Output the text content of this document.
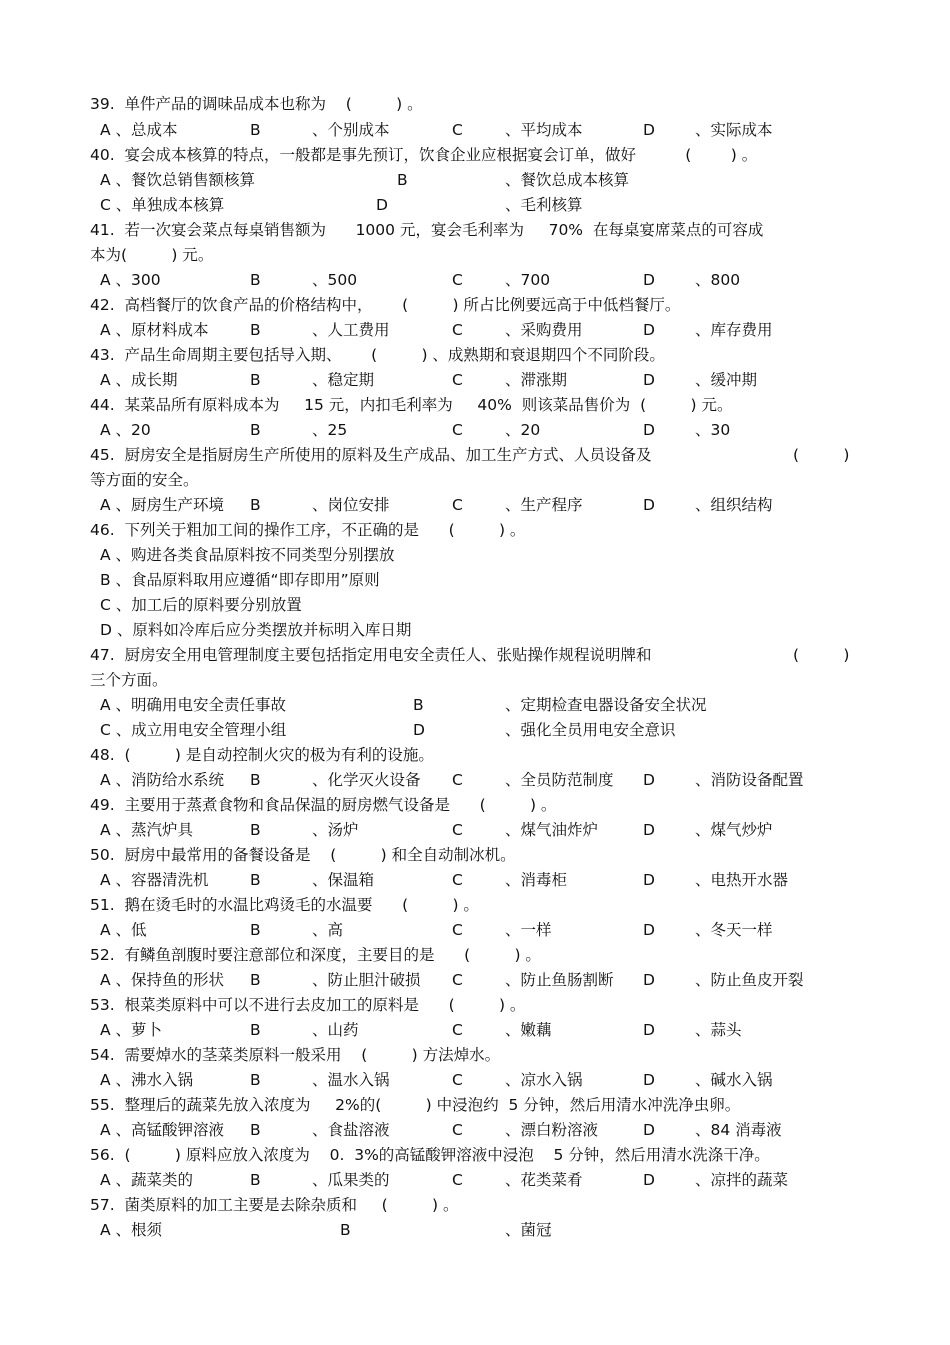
39.  单件产品的调味品成本也称为    (         ) 。
A 、总成本	B	、个别成本	C	、平均成本	D	、实际成本
40.  宴会成本核算的特点，一般都是事先预订，饮食企业应根据宴会订单，做好          (        ) 。
A 、餐饮总销售额核算	B	、餐饮总成本核算
C 、单独成本核算	D	、毛利核算
41.  若一次宴会菜点每桌销售额为      1000 元，宴会毛利率为     70%  在每桌宴席菜点的可容成
本为(         ) 元。
A 、300	B	、500	C	、700	D	、800
42.  高档餐厅的饮食产品的价格结构中，      (         ) 所占比例要远高于中低档餐厅。
A 、原材料成本	B	、人工费用	C	、采购费用	D	、库存费用
43.  产品生命周期主要包括导入期、      (         ) 、成熟期和衰退期四个不同阶段。
A 、成长期	B	、稳定期	C	、滞涨期	D	、缓冲期
44.  某菜品所有原料成本为     15 元，内扣毛利率为     40%  则该菜品售价为  (         ) 元。
A 、20	B	、25	C	、20	D	、30
45.  厨房安全是指厨房生产所使用的原料及生产成品、加工生产方式、人员设备及	(         )
等方面的安全。
A 、厨房生产环境 B	、岗位安排	C	、生产程序	D	、组织结构
46.  下列关于粗加工间的操作工序，不正确的是      (         ) 。
A 、购进各类食品原料按不同类型分别摆放
B 、食品原料取用应遵循“即存即用”原则
C 、加工后的原料要分别放置
D 、原料如冷库后应分类摆放并标明入库日期
47.  厨房安全用电管理制度主要包括指定用电安全责任人、张贴操作规程说明牌和	(         )
三个方面。
A 、明确用电安全责任事故	B	、定期检查电器设备安全状况
C 、成立用电安全管理小组	D	、强化全员用电安全意识
48.  (         ) 是自动控制火灾的极为有利的设施。
A 、消防给水系统 B	、化学灭火设备 C	、全员防范制度 D	、消防设备配置
49.  主要用于蒸煮食物和食品保温的厨房燃气设备是      (         ) 。
A 、蒸汽炉具	B	、汤炉	C	、煤气油炸炉	D	、煤气炒炉
50.  厨房中最常用的备餐设备是    (         ) 和全自动制冰机。
A 、容器清洗机	B	、保温箱	C	、消毒柜	D	、电热开水器
51.  鹅在烫毛时的水温比鸡烫毛的水温要      (         ) 。
A 、低	B	、高	C	、一样	D	、冬天一样
52.  有鳞鱼剖腹时要注意部位和深度，主要目的是      (         ) 。
A 、保持鱼的形状 B	、防止胆汁破损 C	、防止鱼肠割断 D	、防止鱼皮开裂
53.  根菜类原料中可以不进行去皮加工的原料是      (         ) 。
A 、萝卜	B	、山药	C	、嫩藕	D	、蒜头
54.  需要焯水的茎菜类原料一般采用    (         ) 方法焯水。
A 、沸水入锅	B	、温水入锅	C	、凉水入锅	D	、碱水入锅
55.  整理后的蔬菜先放入浓度为     2%的(         ) 中浸泡约  5 分钟，然后用清水冲洗净虫卵。
A 、高锰酸钾溶液 B	、食盐溶液	C	、漂白粉溶液	D	、84 消毒液
56.  (         ) 原料应放入浓度为    0.  3%的高锰酸钾溶液中浸泡    5 分钟，然后用清水洗涤干净。
A 、蔬菜类的	B	、瓜果类的	C	、花类菜肴	D	、凉拌的蔬菜
57.  菌类原料的加工主要是去除杂质和     (         ) 。
A 、根须	B	、菌冠
